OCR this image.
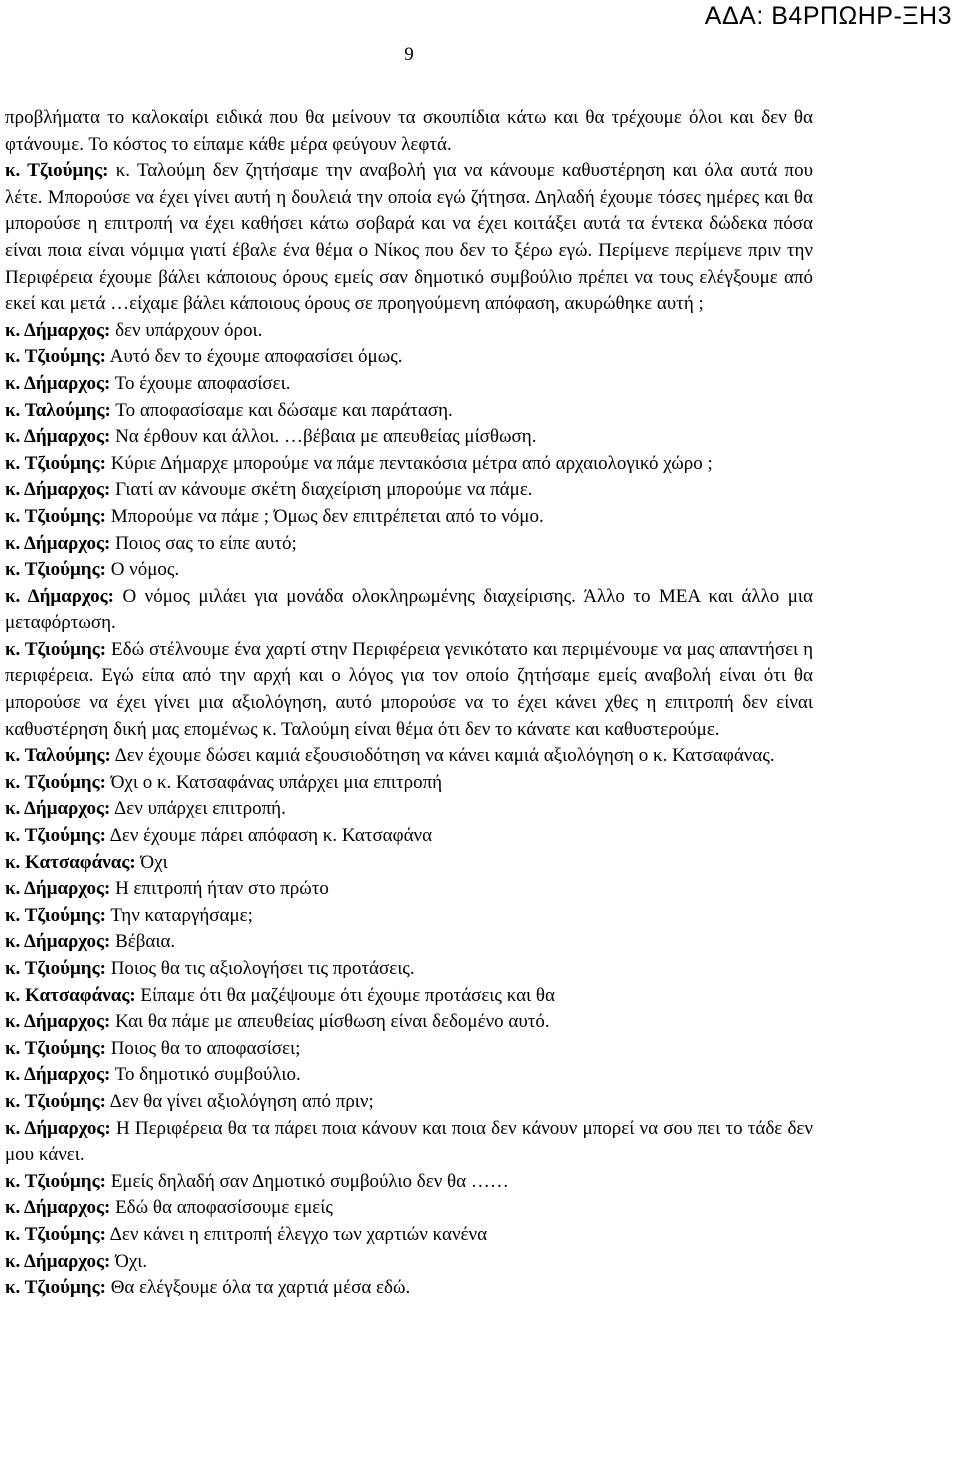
ΑΔΑ: Β4ΡΠΩΗΡ-ΞΗ3
9

προβλήματα το καλοκαίρι ειδικά που θα μείνουν τα σκουπίδια κάτω και θα τρέχουμε όλοι και δεν θα φτάνουμε. Το κόστος το είπαμε κάθε μέρα φεύγουν λεφτά.

κ. Τζιούμης: κ. Ταλούμη δεν ζητήσαμε την αναβολή για να κάνουμε καθυστέρηση και όλα αυτά που λέτε. Μπορούσε να έχει γίνει αυτή η δουλειά την οποία εγώ ζήτησα. Δηλαδή έχουμε τόσες ημέρες και θα μπορούσε η επιτροπή να έχει καθήσει κάτω σοβαρά και να έχει κοιτάξει αυτά τα έντεκα δώδεκα πόσα είναι ποια είναι νόμιμα γιατί έβαλε ένα θέμα ο Νίκος που δεν το ξέρω εγώ. Περίμενε περίμενε πριν την Περιφέρεια έχουμε βάλει κάποιους όρους εμείς σαν δημοτικό συμβούλιο πρέπει να τους ελέγξουμε από εκεί και μετά …είχαμε βάλει κάποιους όρους σε προηγούμενη απόφαση, ακυρώθηκε αυτή ;

κ. Δήμαρχος: δεν υπάρχουν όροι.

κ. Τζιούμης: Αυτό δεν το έχουμε αποφασίσει όμως.

κ. Δήμαρχος: Το έχουμε αποφασίσει.

κ. Ταλούμης: Το αποφασίσαμε και δώσαμε και παράταση.

κ. Δήμαρχος: Να έρθουν και άλλοι. …βέβαια με απευθείας μίσθωση.

κ. Τζιούμης: Κύριε Δήμαρχε μπορούμε να πάμε πεντακόσια μέτρα από αρχαιολογικό χώρο ;

κ. Δήμαρχος: Γιατί αν κάνουμε σκέτη διαχείριση μπορούμε να πάμε.

κ. Τζιούμης: Μπορούμε να πάμε ; Όμως δεν επιτρέπεται από το νόμο.

κ. Δήμαρχος: Ποιος σας το είπε αυτό;

κ. Τζιούμης: Ο νόμος.

κ. Δήμαρχος: Ο νόμος μιλάει για μονάδα ολοκληρωμένης διαχείρισης. Άλλο το ΜΕΑ και άλλο μια μεταφόρτωση.

κ. Τζιούμης: Εδώ στέλνουμε ένα χαρτί στην Περιφέρεια γενικότατο και περιμένουμε να μας απαντήσει η περιφέρεια. Εγώ είπα από την αρχή και ο λόγος για τον οποίο ζητήσαμε εμείς αναβολή είναι ότι θα μπορούσε να έχει γίνει μια αξιολόγηση, αυτό μπορούσε να το έχει κάνει χθες η επιτροπή δεν είναι καθυστέρηση δική μας επομένως κ. Ταλούμη είναι θέμα ότι δεν το κάνατε και καθυστερούμε.

κ. Ταλούμης: Δεν έχουμε δώσει καμιά εξουσιοδότηση να κάνει καμιά αξιολόγηση ο κ. Κατσαφάνας.

κ. Τζιούμης: Όχι ο κ. Κατσαφάνας υπάρχει μια επιτροπή

κ. Δήμαρχος: Δεν υπάρχει επιτροπή.

κ. Τζιούμης: Δεν έχουμε πάρει απόφαση κ. Κατσαφάνα

κ. Κατσαφάνας: Όχι

κ. Δήμαρχος: Η επιτροπή ήταν στο πρώτο

κ. Τζιούμης: Την καταργήσαμε;

κ. Δήμαρχος: Βέβαια.

κ. Τζιούμης: Ποιος θα τις αξιολογήσει τις προτάσεις.

κ. Κατσαφάνας: Είπαμε ότι θα μαζέψουμε ότι έχουμε προτάσεις και θα

κ. Δήμαρχος: Και θα πάμε με απευθείας μίσθωση είναι δεδομένο αυτό.

κ. Τζιούμης: Ποιος θα το αποφασίσει;

κ. Δήμαρχος: Το δημοτικό συμβούλιο.

κ. Τζιούμης: Δεν θα γίνει αξιολόγηση από πριν;

κ. Δήμαρχος: Η Περιφέρεια θα τα πάρει ποια κάνουν και ποια δεν κάνουν μπορεί να σου πει το τάδε δεν μου κάνει.

κ. Τζιούμης: Εμείς δηλαδή σαν Δημοτικό συμβούλιο δεν θα ……

κ. Δήμαρχος: Εδώ θα αποφασίσουμε εμείς

κ. Τζιούμης: Δεν κάνει η επιτροπή έλεγχο των χαρτιών κανένα

κ. Δήμαρχος: Όχι.

κ. Τζιούμης: Θα ελέγξουμε όλα τα χαρτιά μέσα εδώ.
